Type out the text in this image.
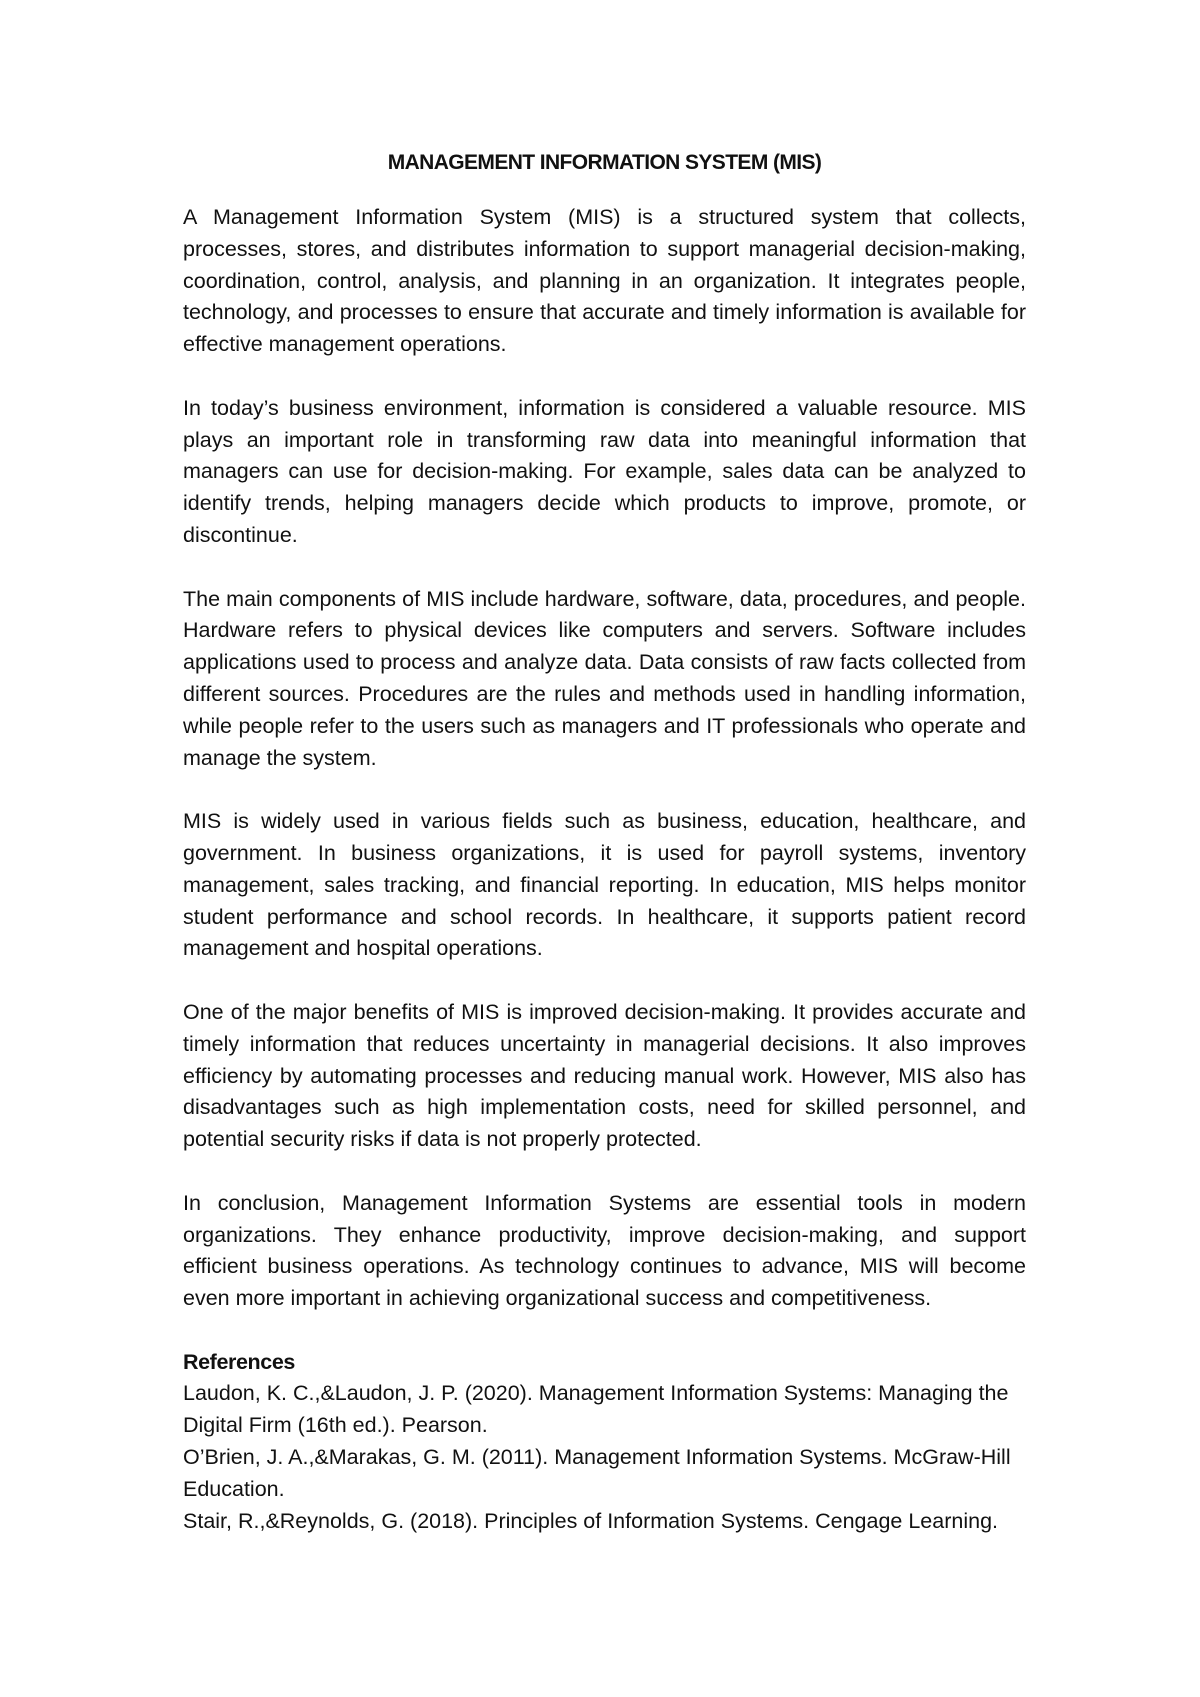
MANAGEMENT INFORMATION SYSTEM (MIS)

A Management Information System (MIS) is a structured system that collects, processes, stores, and distributes information to support managerial decision-making, coordination, control, analysis, and planning in an organization. It integrates people, technology, and processes to ensure that accurate and timely information is available for effective management operations.

In today’s business environment, information is considered a valuable resource. MIS plays an important role in transforming raw data into meaningful information that managers can use for decision-making. For example, sales data can be analyzed to identify trends, helping managers decide which products to improve, promote, or discontinue.

The main components of MIS include hardware, software, data, procedures, and people. Hardware refers to physical devices like computers and servers. Software includes applications used to process and analyze data. Data consists of raw facts collected from different sources. Procedures are the rules and methods used in handling information, while people refer to the users such as managers and IT professionals who operate and manage the system.

MIS is widely used in various fields such as business, education, healthcare, and government. In business organizations, it is used for payroll systems, inventory management, sales tracking, and financial reporting. In education, MIS helps monitor student performance and school records. In healthcare, it supports patient record management and hospital operations.

One of the major benefits of MIS is improved decision-making. It provides accurate and timely information that reduces uncertainty in managerial decisions. It also improves efficiency by automating processes and reducing manual work. However, MIS also has disadvantages such as high implementation costs, need for skilled personnel, and potential security risks if data is not properly protected.

In conclusion, Management Information Systems are essential tools in modern organizations. They enhance productivity, improve decision-making, and support efficient business operations. As technology continues to advance, MIS will become even more important in achieving organizational success and competitiveness.

References
Laudon, K. C.,&Laudon, J. P. (2020). Management Information Systems: Managing the Digital Firm (16th ed.). Pearson.
O’Brien, J. A.,&Marakas, G. M. (2011). Management Information Systems. McGraw-Hill Education.
Stair, R.,&Reynolds, G. (2018). Principles of Information Systems. Cengage Learning.
